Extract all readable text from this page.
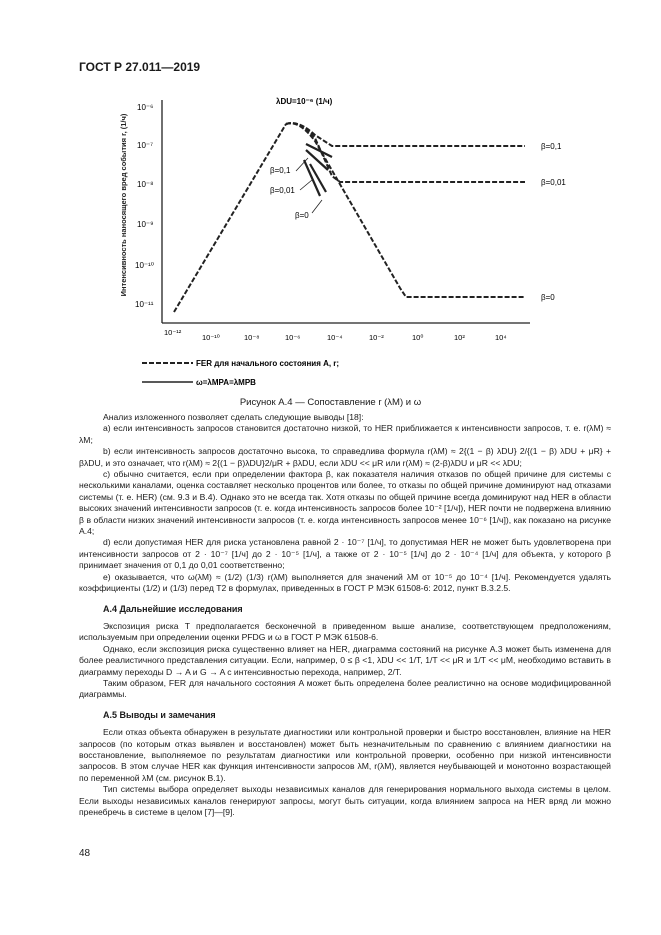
ГОСТ Р 27.011—2019
Интенсивность наносящего вред события r, (1/ч)
10⁻⁶
10⁻⁷
10⁻⁸
10⁻⁹
10⁻¹⁰
10⁻¹¹
10⁻¹²
10⁻¹⁰	10⁻⁸	10⁻⁶	10⁻⁴	10⁻²	10⁰	10²	10⁴
λDU=10⁻⁶ (1/ч)
β=0,1
β=0,01
β=0
β=0,1
β=0,01
β=0
FER для начального состояния A, r;
ω=λMPA=λMPB
Рисунок А.4 — Сопоставление r (λM) и ω

Анализ изложенного позволяет сделать следующие выводы [18]:

a) если интенсивность запросов становится достаточно низкой, то HER приближается к интенсивности запросов, т. е. r(λM) ≈ λM;

b) если интенсивность запросов достаточно высока, то справедлива формула r(λM) ≈ 2{(1 − β) λDU} 2/{(1 − β) λDU + μR} + βλDU, и это означает, что r(λM) ≈ 2{(1 − β)λDU}2/μR + βλDU, если λDU << μR или r(λM) ≈ (2-β)λDU и μR << λDU;

c) обычно считается, если при определении фактора β, как показателя наличия отказов по общей причине для системы с несколькими каналами, оценка составляет несколько процентов или более, то отказы по общей причине доминируют над отказами системы (т. е. HER) (см. 9.3 и В.4). Однако это не всегда так. Хотя отказы по общей причине всегда доминируют над HER в области высоких значений интенсивности запросов (т. е. когда интенсивность запросов более 10⁻² [1/ч]), HER почти не подвержена влиянию β в области низких значений интенсивности запросов (т. е. когда интенсивность запросов менее 10⁻⁶ [1/ч]), как показано на рисунке А.4;

d) если допустимая HER для риска установлена равной 2 · 10⁻⁷ [1/ч], то допустимая HER не может быть удовлетворена при интенсивности запросов от 2 · 10⁻⁷ [1/ч] до 2 · 10⁻⁵ [1/ч], а также от 2 · 10⁻⁵ [1/ч] до 2 · 10⁻⁴ [1/ч] для объекта, у которого β принимает значения от 0,1 до 0,01 соответственно;

e) оказывается, что ω(λM) ≈ (1/2) (1/3) r(λM) выполняется для значений λM от 10⁻⁵ до 10⁻⁴ [1/ч]. Рекомендуется удалять коэффициенты (1/2) и (1/3) перед T2 в формулах, приведенных в ГОСТ Р МЭК 61508-6: 2012, пункт В.3.2.5.

А.4 Дальнейшие исследования

Экспозиция риска T предполагается бесконечной в приведенном выше анализе, соответствующем предположениям, используемым при определении оценки PFDG и ω в ГОСТ Р МЭК 61508-6.

Однако, если экспозиция риска существенно влияет на HER, диаграмма состояний на рисунке А.3 может быть изменена для более реалистичного представления ситуации. Если, например, 0 ≤ β <1, λDU << 1/T, 1/T << μR и 1/T << μM, необходимо вставить в диаграмму переходы D → A и G → A с интенсивностью перехода, например, 2/T.

Таким образом, FER для начального состояния A может быть определена более реалистично на основе модифицированной диаграммы.

А.5 Выводы и замечания

Если отказ объекта обнаружен в результате диагностики или контрольной проверки и быстро восстановлен, влияние на HER запросов (по которым отказ выявлен и восстановлен) может быть незначительным по сравнению с влиянием диагностики на восстановление, выполняемое по результатам диагностики или контрольной проверки, особенно при низкой интенсивности запросов. В этом случае HER как функция интенсивности запросов λM, r(λM), является неубывающей и монотонно возрастающей по переменной λM (см. рисунок В.1).

Тип системы выбора определяет выходы независимых каналов для генерирования нормального выхода системы в целом. Если выходы независимых каналов генерируют запросы, могут быть ситуации, когда влиянием запроса на HER вряд ли можно пренебречь в системе в целом [7]—[9].

48
